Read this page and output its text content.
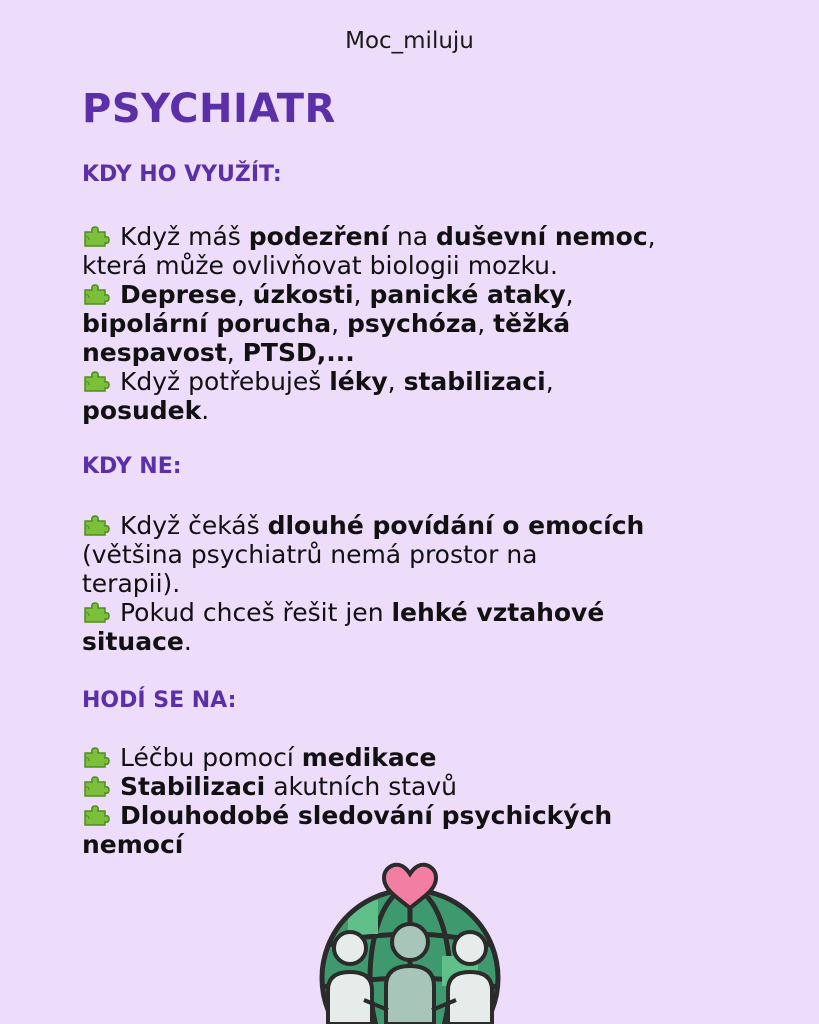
Moc_miluju
PSYCHIATR
KDY HO VYUŽÍT:
Když máš podezření na duševní nemoc,
která může ovlivňovat biologii mozku.
Deprese, úzkosti, panické ataky,
bipolární porucha, psychóza, těžká
nespavost, PTSD,...
Když potřebuješ léky, stabilizaci,
posudek.
KDY NE:
Když čekáš dlouhé povídání o emocích
(většina psychiatrů nemá prostor na
terapii).
Pokud chceš řešit jen lehké vztahové
situace.
HODÍ SE NA:
Léčbu pomocí medikace
Stabilizaci akutních stavů
Dlouhodobé sledování psychických
nemocí
